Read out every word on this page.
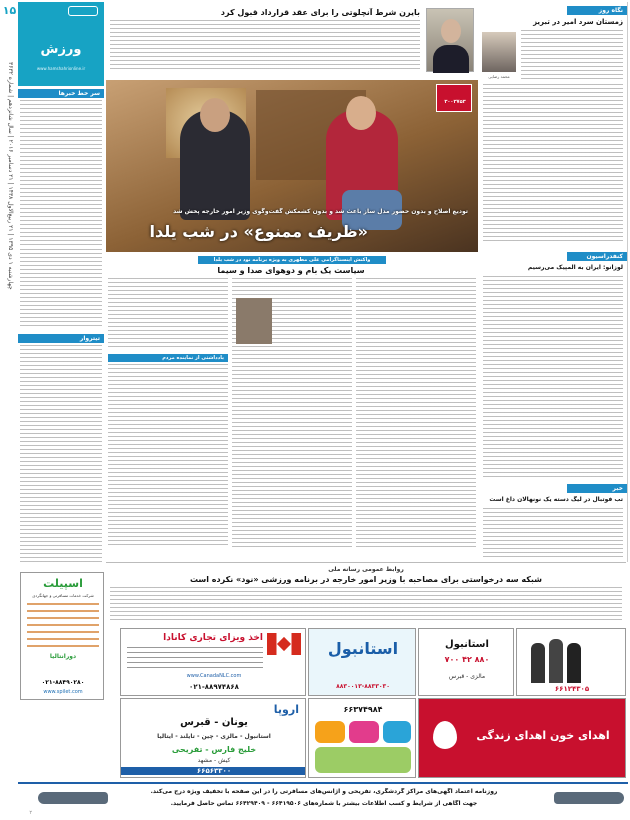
۱۵
چهارشنبه ۱ دی ۱۳۹۵ | ۲۱ ربیع‌الاول ۱۴۳۸ | ۲۱ دسامبر ۲۰۱۶ | سال شانزدهم | شماره ۳۶۳۲
ورزش
www.hamshahrionline.ir
سر خط خبرها
تیتروار
اسپیلت
شرکت خدمات مسافرتی و جهانگردی
دورانتالیا
۰۲۱-۸۸۴۹۰۲۸۰
www.spilet.com
بایرن شرط آنچلوتی را برای عقد قرارداد قبول کرد
۳۰۰۳۷۵۳
تودیع اصلاح و بدون حضور مدل ساز باعث شد و بدون کشمکش گفت‌وگوی وزیر امور خارجه پخش شد
«ظریف ممنوع» در شب یلدا
واکنش اینستاگرامی علی مطهری به ویژه برنامه نود در شب یلدا
سیاست یک بام و دوهوای صدا و سیما
یادداشتی از نماینده مردم
نگاه روز
زمستان سرد امیر در تبریز
محمد رضایی
کنفدراسیون
لوزانو: ایران به المپیک می‌رسیم
خبر
تب فوتبال در لیگ دسته یک نونهالان داغ است
روابط عمومی رسانه ملی
شبکه سه درخواستی برای مصاحبه با وزیر امور خارجه در برنامه ورزشی «نود» نکرده است
اخذ ویزای تجاری کانادا
www.CanadaNLC.com
۰۲۱-۸۸۹۷۴۸۶۸
استانبول
۸۸۳۰۰۱۳-۸۸۳۳۰۳۰
استانبول
۸۸۰ ۴۲ ۷۰۰
مالزی - قبرس
۶۶۱۲۴۳۰۵
اروپا
یونان - قبرس
استانبول - مالزی - چین - تایلند - ایتالیا
خلیج فارس - تفریحی
کیش - مشهد
۶۶۵۶۳۳۰۰
۶۶۳۷۴۹۸۴
اهدای خون اهدای زندگی
روزنامه اعتماد آگهی‌های مراکز گردشگری، تفریحی و آژانس‌های مسافرتی را در این صفحه با تخفیف ویژه درج می‌کند.
جهت آگاهی از شرایط و کسب اطلاعات بیشتر با شماره‌های ۶۶۴۱۹۵۰۶ - ۶۶۴۲۹۴۰۹ تماس حاصل فرمایید.
۲
